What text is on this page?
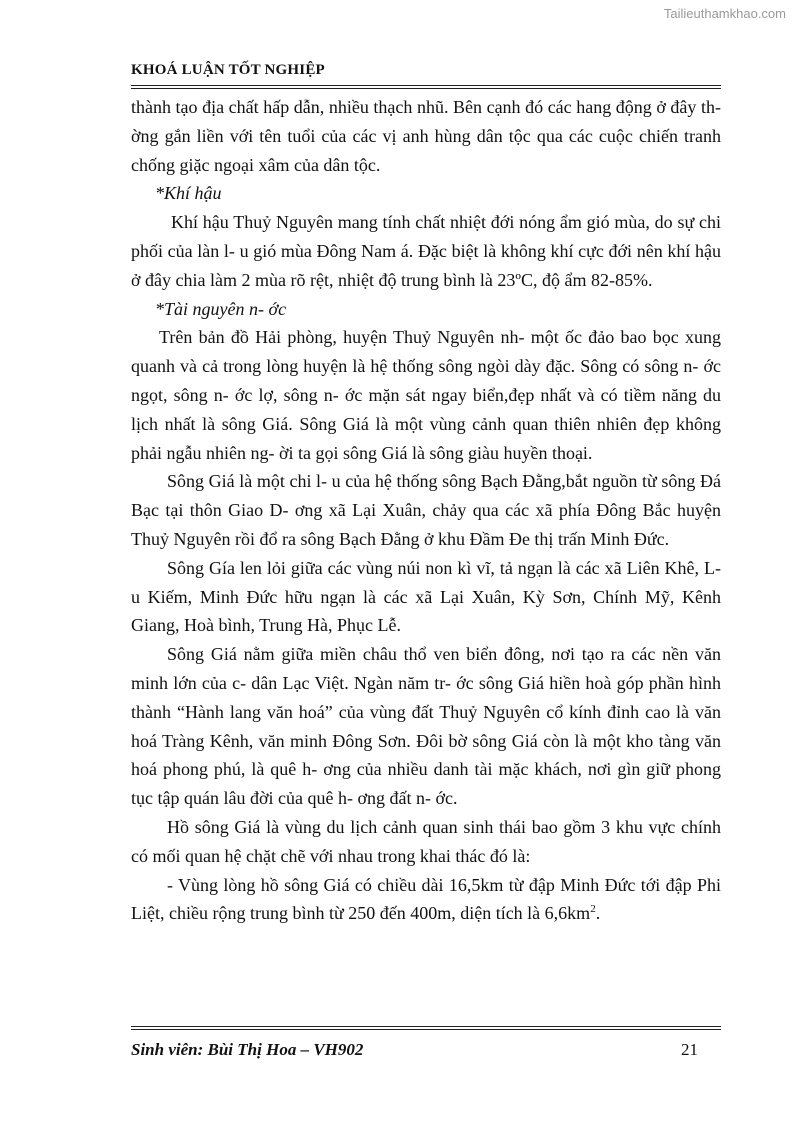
Tailieuthamkhao.com
KHOÁ LUẬN TỐT NGHIỆP

thành tạo địa chất hấp dẫn, nhiều thạch nhũ. Bên cạnh đó các hang động ở đây th- ờng gắn liền với tên tuổi của các vị anh hùng dân tộc qua các cuộc chiến tranh chống giặc ngoại xâm của dân tộc.

*Khí hậu

Khí hậu Thuỷ Nguyên mang tính chất nhiệt đới nóng ẩm gió mùa, do sự chi phối của làn l- u gió mùa Đông Nam á. Đặc biệt là không khí cực đới nên khí hậu ở đây chia làm 2 mùa rõ rệt, nhiệt độ trung bình là 23ºC, độ ẩm 82-85%.

*Tài nguyên n- ớc

Trên bản đồ Hải phòng, huyện Thuỷ Nguyên nh- một ốc đảo bao bọc xung quanh và cả trong lòng huyện là hệ thống sông ngòi dày đặc. Sông có sông n- ớc ngọt, sông n- ớc lợ, sông n- ớc mặn sát ngay biển,đẹp nhất và có tiềm năng du lịch nhất là sông Giá. Sông Giá là một vùng cảnh quan thiên nhiên đẹp không phải ngẫu nhiên ng- ời ta gọi sông Giá là sông giàu huyền thoại.

Sông Giá là một chi l- u của hệ thống sông Bạch Đằng,bắt nguồn từ sông Đá Bạc tại thôn Giao D- ơng xã Lại Xuân, chảy qua các xã phía Đông Bắc huyện Thuỷ Nguyên rồi đổ ra sông Bạch Đằng ở khu Đầm Đe thị trấn Minh Đức.

Sông Gía len lỏi giữa các vùng núi non kì vĩ, tả ngạn là các xã Liên Khê, L- u Kiếm, Minh Đức hữu ngạn là các xã Lại Xuân, Kỳ Sơn, Chính Mỹ, Kênh Giang, Hoà bình, Trung Hà, Phục Lễ.

Sông Giá nằm giữa miền châu thổ ven biển đông, nơi tạo ra các nền văn minh lớn của c- dân Lạc Việt. Ngàn năm tr- ớc sông Giá hiền hoà góp phần hình thành “Hành lang văn hoá” của vùng đất Thuỷ Nguyên cổ kính đỉnh cao là văn hoá Tràng Kênh, văn minh Đông Sơn. Đôi bờ sông Giá còn là một kho tàng văn hoá phong phú, là quê h- ơng của nhiều danh tài mặc khách, nơi gìn giữ phong tục tập quán lâu đời của quê h- ơng đất n- ớc.

Hồ sông Giá là vùng du lịch cảnh quan sinh thái bao gồm 3 khu vực chính có mối quan hệ chặt chẽ với nhau trong khai thác đó là:

- Vùng lòng hồ sông Giá có chiều dài 16,5km từ đập Minh Đức tới đập Phi Liệt, chiều rộng trung bình từ 250 đến 400m, diện tích là $6,6km^2$.

Sinh viên: Bùi Thị Hoa – VH902	21
